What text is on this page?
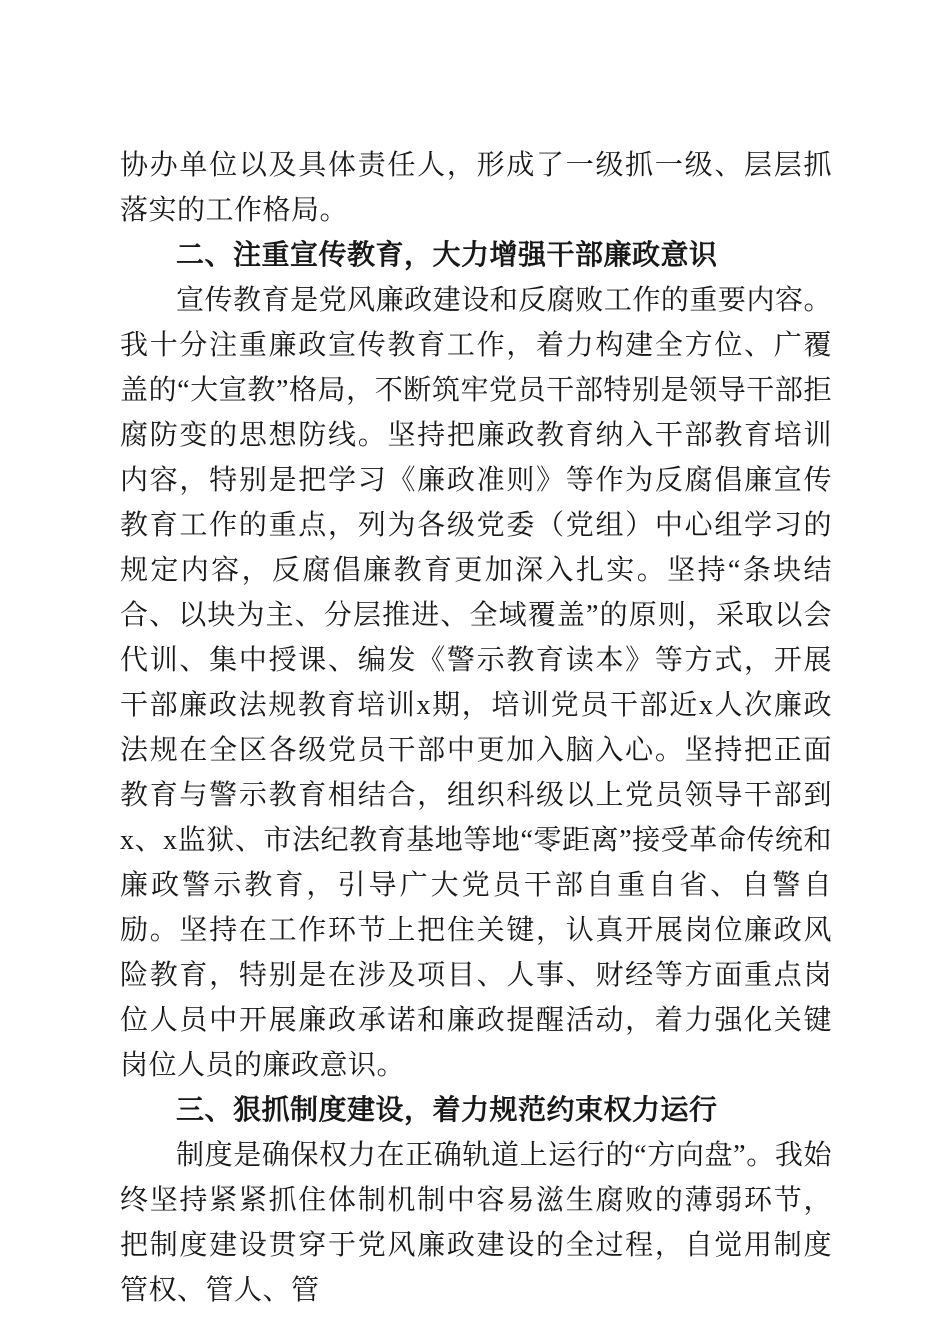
协办单位以及具体责任人，形成了一级抓一级、层层抓落实的工作格局。

二、注重宣传教育，大力增强干部廉政意识

宣传教育是党风廉政建设和反腐败工作的重要内容。我十分注重廉政宣传教育工作，着力构建全方位、广覆盖的“大宣教”格局，不断筑牢党员干部特别是领导干部拒腐防变的思想防线。坚持把廉政教育纳入干部教育培训内容，特别是把学习《廉政准则》等作为反腐倡廉宣传教育工作的重点，列为各级党委（党组）中心组学习的规定内容，反腐倡廉教育更加深入扎实。坚持“条块结合、以块为主、分层推进、全域覆盖”的原则，采取以会代训、集中授课、编发《警示教育读本》等方式，开展干部廉政法规教育培训x期，培训党员干部近x人次廉政法规在全区各级党员干部中更加入脑入心。坚持把正面教育与警示教育相结合，组织科级以上党员领导干部到x、x监狱、市法纪教育基地等地“零距离”接受革命传统和廉政警示教育，引导广大党员干部自重自省、自警自励。坚持在工作环节上把住关键，认真开展岗位廉政风险教育，特别是在涉及项目、人事、财经等方面重点岗位人员中开展廉政承诺和廉政提醒活动，着力强化关键岗位人员的廉政意识。

三、狠抓制度建设，着力规范约束权力运行

制度是确保权力在正确轨道上运行的“方向盘”。我始终坚持紧紧抓住体制机制中容易滋生腐败的薄弱环节，把制度建设贯穿于党风廉政建设的全过程，自觉用制度管权、管人、管
